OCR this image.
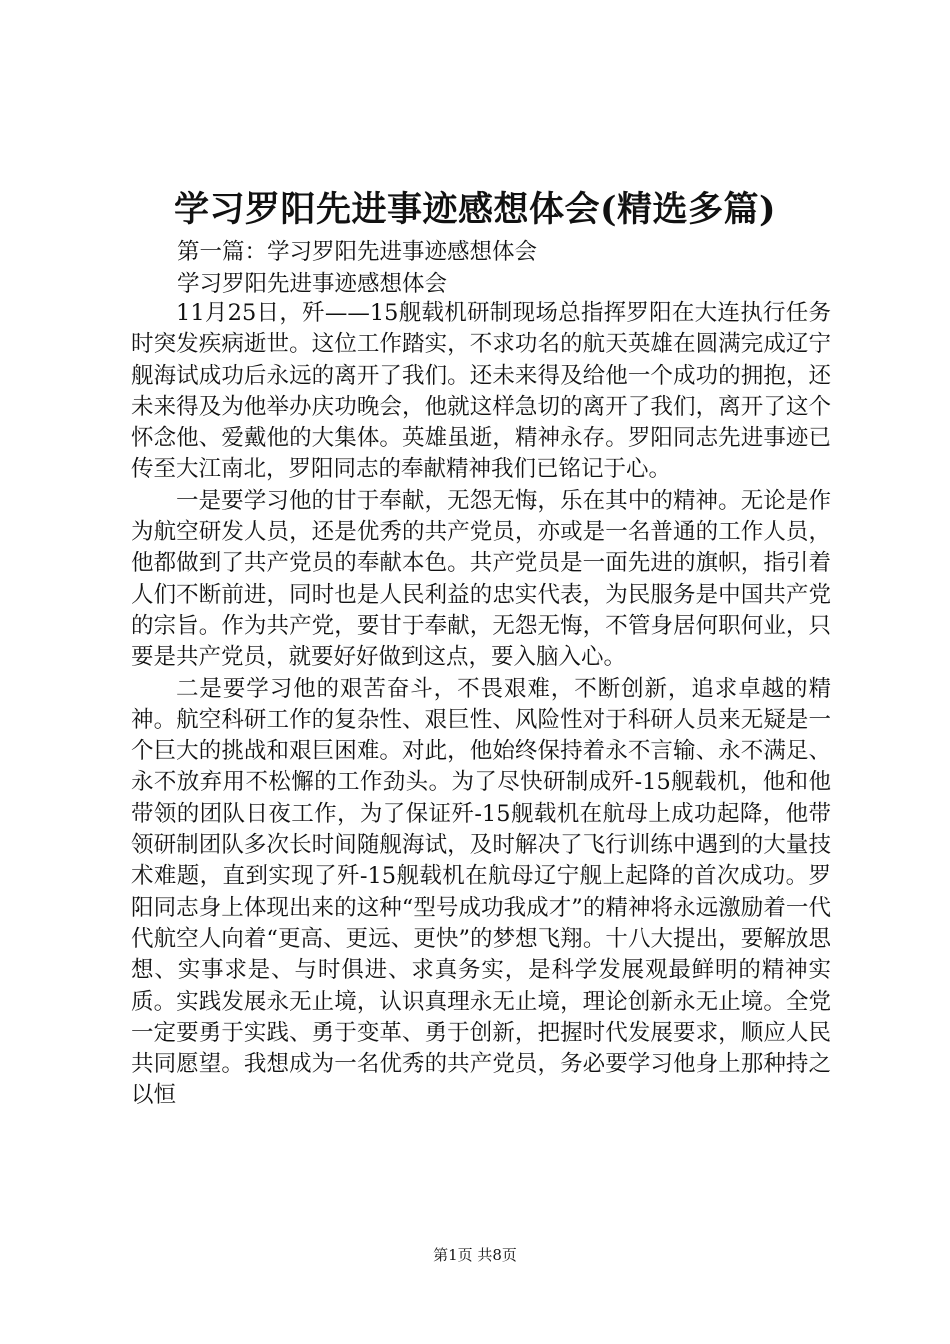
学习罗阳先进事迹感想体会(精选多篇)

第一篇：学习罗阳先进事迹感想体会

学习罗阳先进事迹感想体会

11月25日，歼——15舰载机研制现场总指挥罗阳在大连执行任务时突发疾病逝世。这位工作踏实，不求功名的航天英雄在圆满完成辽宁舰海试成功后永远的离开了我们。还未来得及给他一个成功的拥抱，还未来得及为他举办庆功晚会，他就这样急切的离开了我们，离开了这个怀念他、爱戴他的大集体。英雄虽逝，精神永存。罗阳同志先进事迹已传至大江南北，罗阳同志的奉献精神我们已铭记于心。

一是要学习他的甘于奉献，无怨无悔，乐在其中的精神。无论是作为航空研发人员，还是优秀的共产党员，亦或是一名普通的工作人员，他都做到了共产党员的奉献本色。共产党员是一面先进的旗帜，指引着人们不断前进，同时也是人民利益的忠实代表，为民服务是中国共产党的宗旨。作为共产党，要甘于奉献，无怨无悔，不管身居何职何业，只要是共产党员，就要好好做到这点，要入脑入心。

二是要学习他的艰苦奋斗，不畏艰难，不断创新，追求卓越的精神。航空科研工作的复杂性、艰巨性、风险性对于科研人员来无疑是一个巨大的挑战和艰巨困难。对此，他始终保持着永不言输、永不满足、永不放弃用不松懈的工作劲头。为了尽快研制成歼-15舰载机，他和他带领的团队日夜工作，为了保证歼-15舰载机在航母上成功起降，他带领研制团队多次长时间随舰海试，及时解决了飞行训练中遇到的大量技术难题，直到实现了歼-15舰载机在航母辽宁舰上起降的首次成功。罗阳同志身上体现出来的这种“型号成功我成才”的精神将永远激励着一代代航空人向着“更高、更远、更快”的梦想飞翔。十八大提出，要解放思想、实事求是、与时俱进、求真务实，是科学发展观最鲜明的精神实质。实践发展永无止境，认识真理永无止境，理论创新永无止境。全党一定要勇于实践、勇于变革、勇于创新，把握时代发展要求，顺应人民共同愿望。我想成为一名优秀的共产党员，务必要学习他身上那种持之以恒

第1页 共8页
